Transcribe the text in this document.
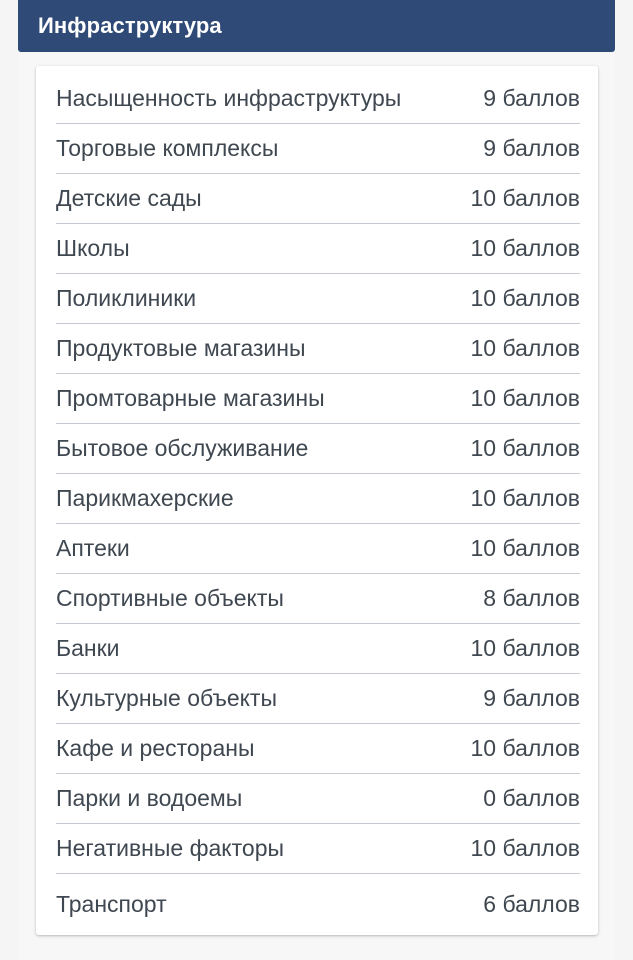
Инфраструктура
Насыщенность инфраструктуры	9 баллов
Торговые комплексы	9 баллов
Детские сады	10 баллов
Школы	10 баллов
Поликлиники	10 баллов
Продуктовые магазины	10 баллов
Промтоварные магазины	10 баллов
Бытовое обслуживание	10 баллов
Парикмахерские	10 баллов
Аптеки	10 баллов
Спортивные объекты	8 баллов
Банки	10 баллов
Культурные объекты	9 баллов
Кафе и рестораны	10 баллов
Парки и водоемы	0 баллов
Негативные факторы	10 баллов
Транспорт	6 баллов
